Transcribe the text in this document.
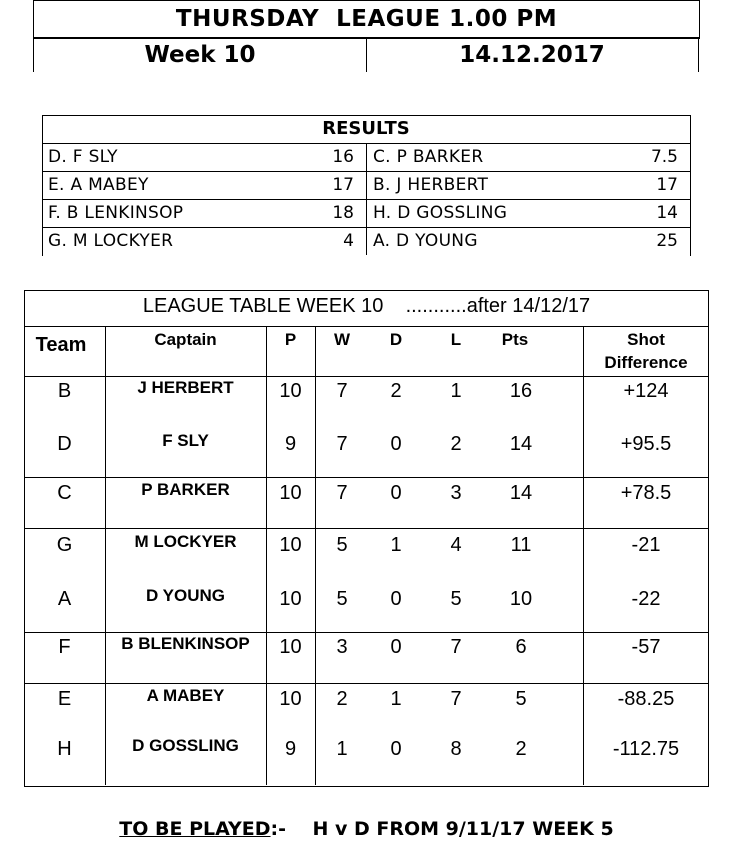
THURSDAY  LEAGUE 1.00 PM
Week 10	14.12.2017
RESULTS
D. F SLY	16 C. P BARKER	7.5
E. A MABEY	17 B. J HERBERT	17
F. B LENKINSOP	18 H. D GOSSLING	14
G. M LOCKYER	4 A. D YOUNG	25
LEAGUE TABLE WEEK 10    ...........after 14/12/17
Team	Captain	P	W	D	L	Pts	Shot
Difference
B	J HERBERT	10	7	2	1	16	+124
D	F SLY	9	7	0	2	14	+95.5
C	P BARKER	10	7	0	3	14	+78.5
G	M LOCKYER	10	5	1	4	11	-21
A	D YOUNG	10	5	0	5	10	-22
F	B BLENKINSOP	10	3	0	7	6	-57
E	A MABEY	10	2	1	7	5	-88.25
H	D GOSSLING	9	1	0	8	2	-112.75
TO BE PLAYED:-    H v D FROM 9/11/17 WEEK 5
